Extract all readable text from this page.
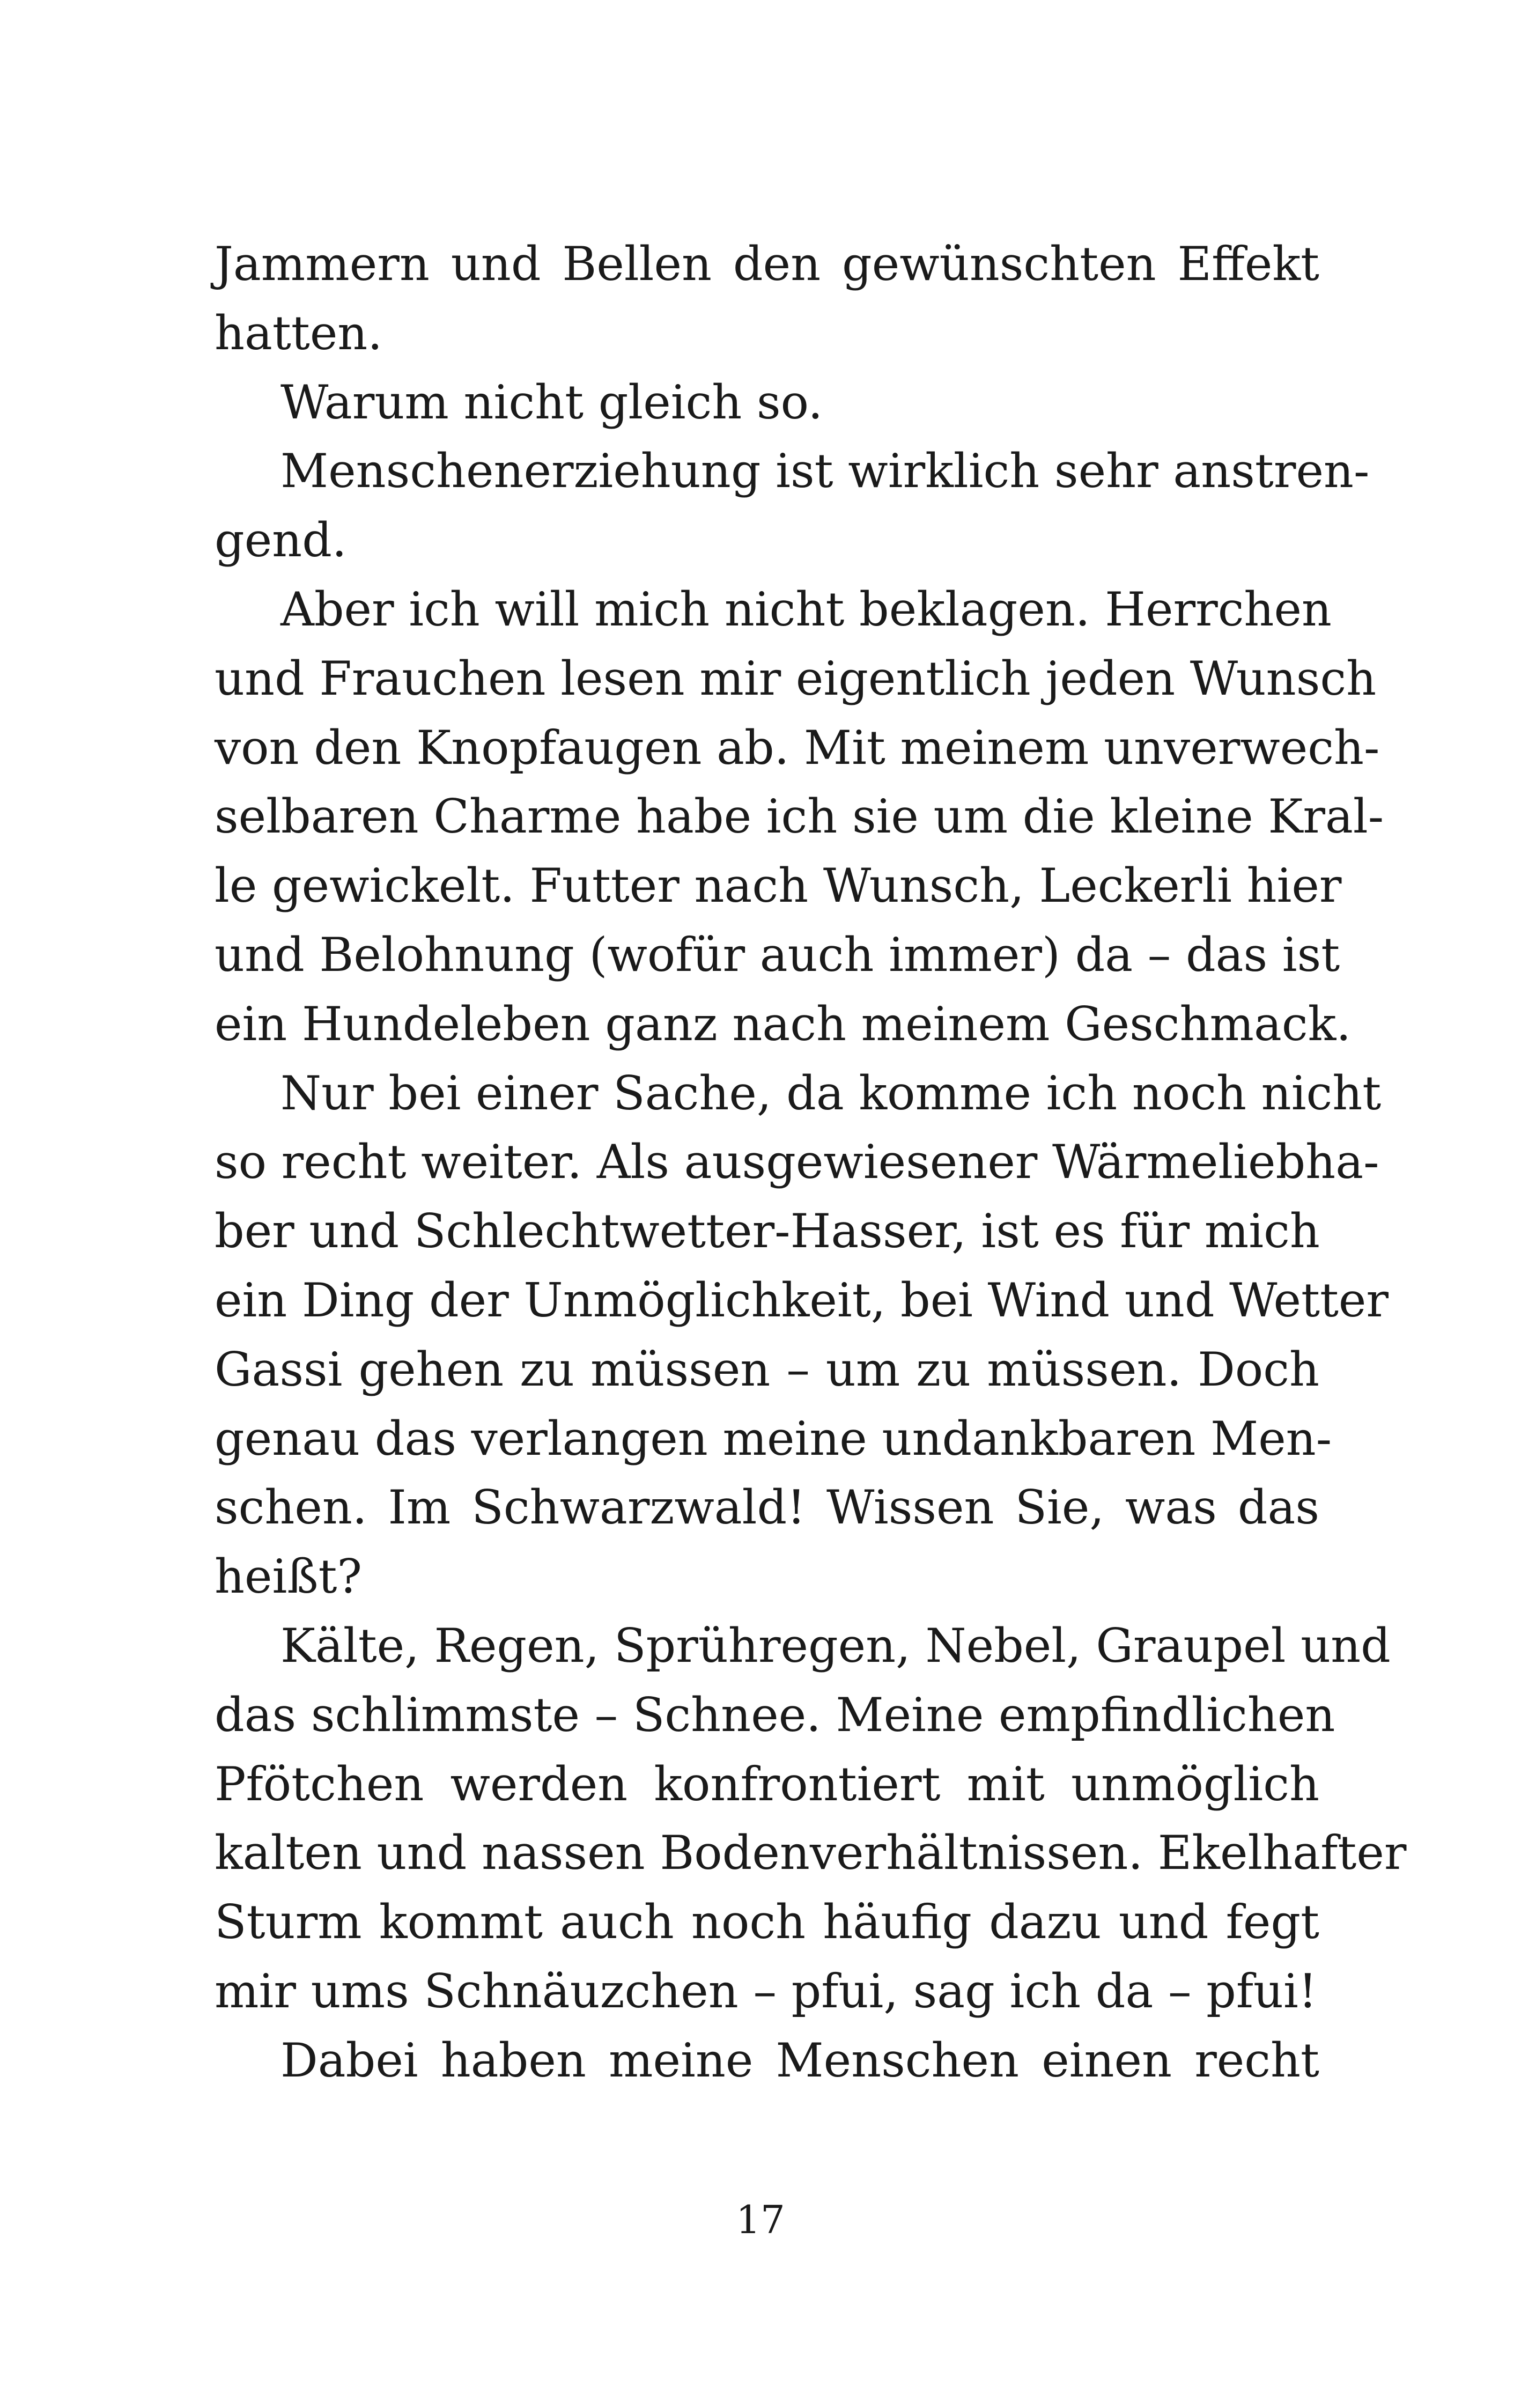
Jammern und Bellen den gewünschten Effekt
hatten.
Warum nicht gleich so.
Menschenerziehung ist wirklich sehr anstren-
gend.
Aber ich will mich nicht beklagen. Herrchen
und Frauchen lesen mir eigentlich jeden Wunsch
von den Knopfaugen ab. Mit meinem unverwech-
selbaren Charme habe ich sie um die kleine Kral-
le gewickelt. Futter nach Wunsch, Leckerli hier
und Belohnung (wofür auch immer) da – das ist
ein Hundeleben ganz nach meinem Geschmack.
Nur bei einer Sache, da komme ich noch nicht
so recht weiter. Als ausgewiesener Wärmeliebha-
ber und Schlechtwetter-Hasser, ist es für mich
ein Ding der Unmöglichkeit, bei Wind und Wetter
Gassi gehen zu müssen – um zu müssen. Doch
genau das verlangen meine undankbaren Men-
schen. Im Schwarzwald! Wissen Sie, was das
heißt?
Kälte, Regen, Sprühregen, Nebel, Graupel und
das schlimmste – Schnee. Meine empfindlichen
Pfötchen werden konfrontiert mit unmöglich
kalten und nassen Bodenverhältnissen. Ekelhafter
Sturm kommt auch noch häufig dazu und fegt
mir ums Schnäuzchen – pfui, sag ich da – pfui!
Dabei haben meine Menschen einen recht
17
